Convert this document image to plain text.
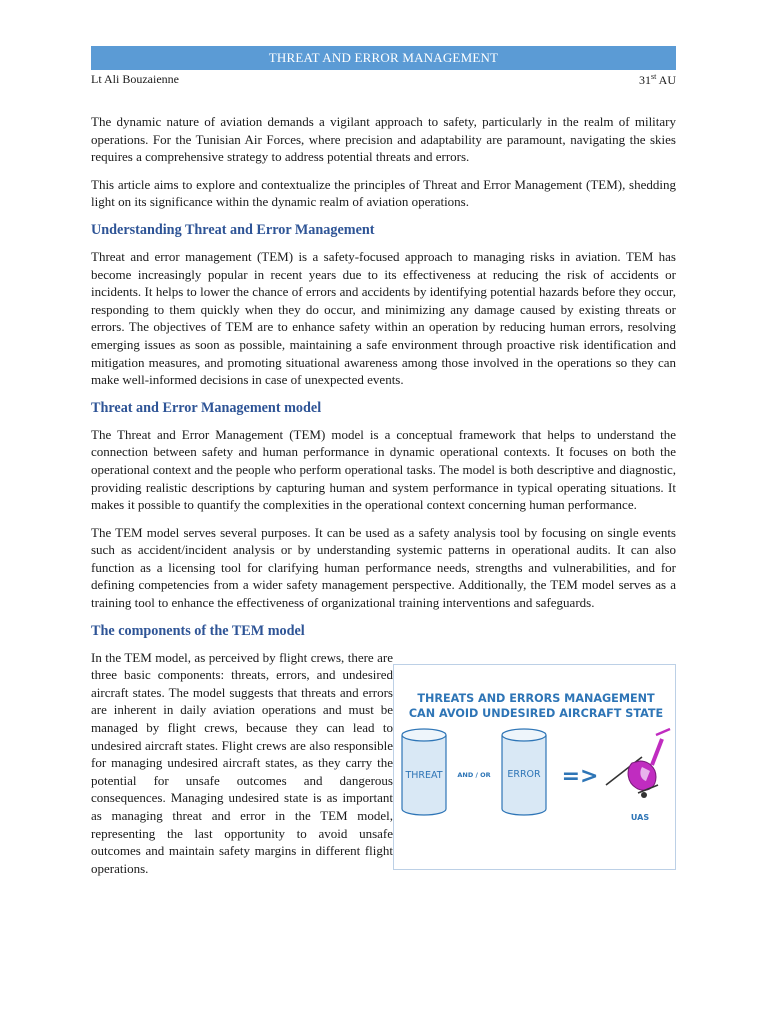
THREAT AND ERROR MANAGEMENT
Lt Ali Bouzaienne	31st AU

The dynamic nature of aviation demands a vigilant approach to safety, particularly in the realm of military operations. For the Tunisian Air Forces, where precision and adaptability are paramount, navigating the skies requires a comprehensive strategy to address potential threats and errors.

This article aims to explore and contextualize the principles of Threat and Error Management (TEM), shedding light on its significance within the dynamic realm of aviation operations.

Understanding Threat and Error Management

Threat and error management (TEM) is a safety-focused approach to managing risks in aviation. TEM has become increasingly popular in recent years due to its effectiveness at reducing the risk of accidents or incidents. It helps to lower the chance of errors and accidents by identifying potential hazards before they occur, responding to them quickly when they do occur, and minimizing any damage caused by existing threats or errors. The objectives of TEM are to enhance safety within an operation by reducing human errors, resolving emerging issues as soon as possible, maintaining a safe environment through proactive risk identification and mitigation measures, and promoting situational awareness among those involved in the operations so they can make well-informed decisions in case of unexpected events.

Threat and Error Management model

The Threat and Error Management (TEM) model is a conceptual framework that helps to understand the connection between safety and human performance in dynamic operational contexts. It focuses on both the operational context and the people who perform operational tasks. The model is both descriptive and diagnostic, providing realistic descriptions by capturing human and system performance in typical operating situations. It makes it possible to quantify the complexities in the operational context concerning human performance.

The TEM model serves several purposes. It can be used as a safety analysis tool by focusing on single events such as accident/incident analysis or by understanding systemic patterns in operational audits. It can also function as a licensing tool for clarifying human performance needs, strengths and vulnerabilities, and for defining competencies from a wider safety management perspective. Additionally, the TEM model serves as a training tool to enhance the effectiveness of organizational training interventions and safeguards.

The components of the TEM model

In the TEM model, as perceived by flight crews, there are three basic components: threats, errors, and undesired aircraft states. The model suggests that threats and errors are inherent in daily aviation operations and must be managed by flight crews, because they can lead to undesired aircraft states. Flight crews are also responsible for managing undesired aircraft states, as they carry the potential for unsafe outcomes and dangerous consequences. Managing undesired state is as important as managing threat and error in the TEM model, representing the last opportunity to avoid unsafe outcomes and maintain safety margins in different flight operations.

THREATS AND ERRORS MANAGEMENT
CAN AVOID UNDESIRED AIRCRAFT STATE
THREAT AND / OR ERROR =>
UAS
